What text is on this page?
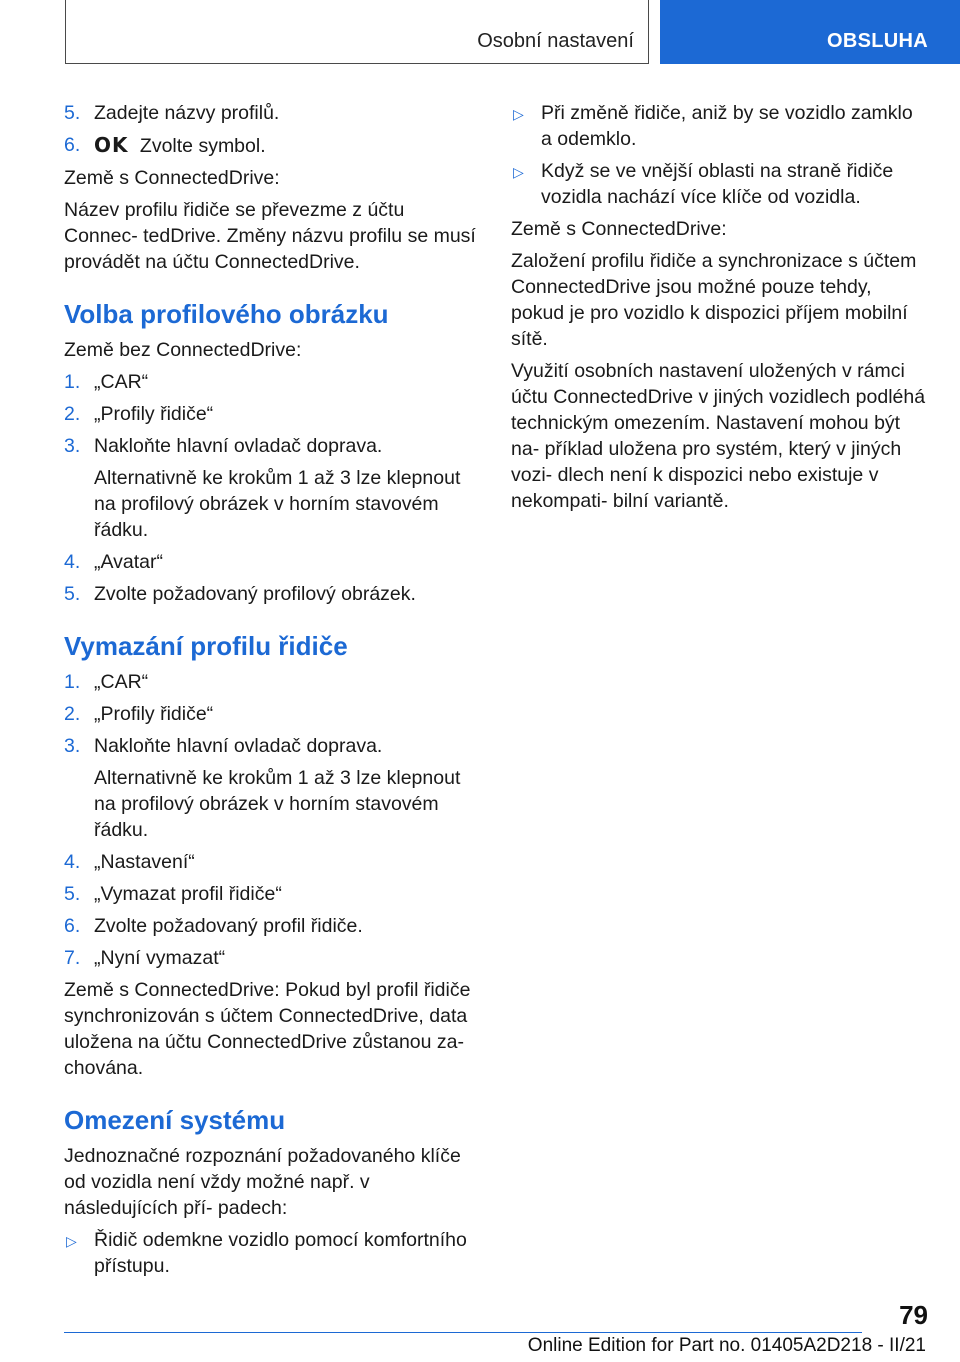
Osobní nastavení	OBSLUHA
5. Zadejte názvy profilů.
6. OK Zvolte symbol.

Země s ConnectedDrive:

Název profilu řidiče se převezme z účtu Connec‐ tedDrive. Změny názvu profilu se musí provádět na účtu ConnectedDrive.

Volba profilového obrázku

Země bez ConnectedDrive:

1. „CAR“
2. „Profily řidiče“
3. Nakloňte hlavní ovladač doprava.
Alternativně ke krokům 1 až 3 lze klepnout na profilový obrázek v horním stavovém řádku.
4. „Avatar“
5. Zvolte požadovaný profilový obrázek.
Vymazání profilu řidiče
1. „CAR“
2. „Profily řidiče“
3. Nakloňte hlavní ovladač doprava.
Alternativně ke krokům 1 až 3 lze klepnout na profilový obrázek v horním stavovém řádku.
4. „Nastavení“
5. „Vymazat profil řidiče“
6. Zvolte požadovaný profil řidiče.
7. „Nyní vymazat“

Země s ConnectedDrive: Pokud byl profil řidiče synchronizován s účtem ConnectedDrive, data uložena na účtu ConnectedDrive zůstanou za‐ chována.

Omezení systému

Jednoznačné rozpoznání požadovaného klíče od vozidla není vždy možné např. v následujících pří‐ padech:

▷ Řidič odemkne vozidlo pomocí komfortního přístupu.
▷ Při změně řidiče, aniž by se vozidlo zamklo a odemklo.
▷ Když se ve vnější oblasti na straně řidiče vozidla nachází více klíče od vozidla.

Země s ConnectedDrive:

Založení profilu řidiče a synchronizace s účtem ConnectedDrive jsou možné pouze tehdy, pokud je pro vozidlo k dispozici příjem mobilní sítě.

Využití osobních nastavení uložených v rámci účtu ConnectedDrive v jiných vozidlech podléhá technickým omezením. Nastavení mohou být na‐ příklad uložena pro systém, který v jiných vozi‐ dlech není k dispozici nebo existuje v nekompati‐ bilní variantě.

79
Online Edition for Part no. 01405A2D218 - II/21
